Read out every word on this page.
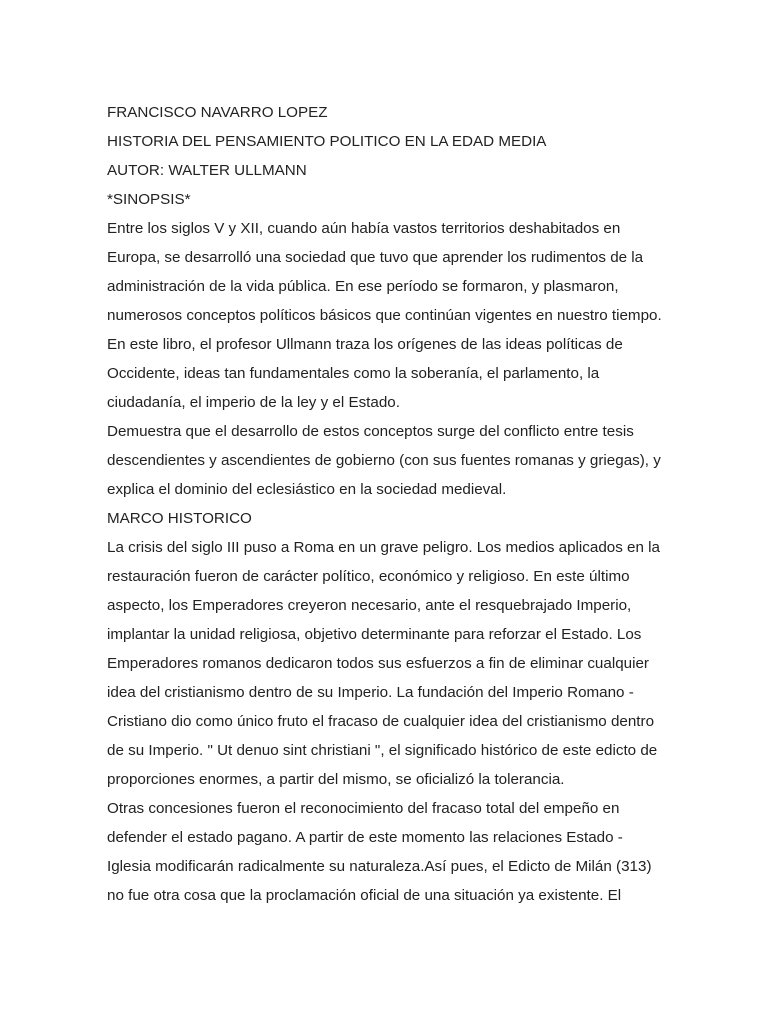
FRANCISCO NAVARRO LOPEZ
HISTORIA DEL PENSAMIENTO POLITICO EN LA EDAD MEDIA
AUTOR: WALTER ULLMANN
*SINOPSIS*
Entre los siglos V y XII, cuando aún había vastos territorios deshabitados en
Europa, se desarrolló una sociedad que tuvo que aprender los rudimentos de la
administración de la vida pública. En ese período se formaron, y plasmaron,
numerosos conceptos políticos básicos que continúan vigentes en nuestro tiempo.
En este libro, el profesor Ullmann traza los orígenes de las ideas políticas de
Occidente, ideas tan fundamentales como la soberanía, el parlamento, la
ciudadanía, el imperio de la ley y el Estado.
Demuestra que el desarrollo de estos conceptos surge del conflicto entre tesis
descendientes y ascendientes de gobierno (con sus fuentes romanas y griegas), y
explica el dominio del eclesiástico en la sociedad medieval.
MARCO HISTORICO
La crisis del siglo III puso a Roma en un grave peligro. Los medios aplicados en la
restauración fueron de carácter político, económico y religioso. En este último
aspecto, los Emperadores creyeron necesario, ante el resquebrajado Imperio,
implantar la unidad religiosa, objetivo determinante para reforzar el Estado. Los
Emperadores romanos dedicaron todos sus esfuerzos a fin de eliminar cualquier
idea del cristianismo dentro de su Imperio. La fundación del Imperio Romano -
Cristiano dio como único fruto el fracaso de cualquier idea del cristianismo dentro
de su Imperio. " Ut denuo sint christiani ", el significado histórico de este edicto de
proporciones enormes, a partir del mismo, se oficializó la tolerancia.
Otras concesiones fueron el reconocimiento del fracaso total del empeño en
defender el estado pagano. A partir de este momento las relaciones Estado -
Iglesia modificarán radicalmente su naturaleza.Así pues, el Edicto de Milán (313)
no fue otra cosa que la proclamación oficial de una situación ya existente. El
